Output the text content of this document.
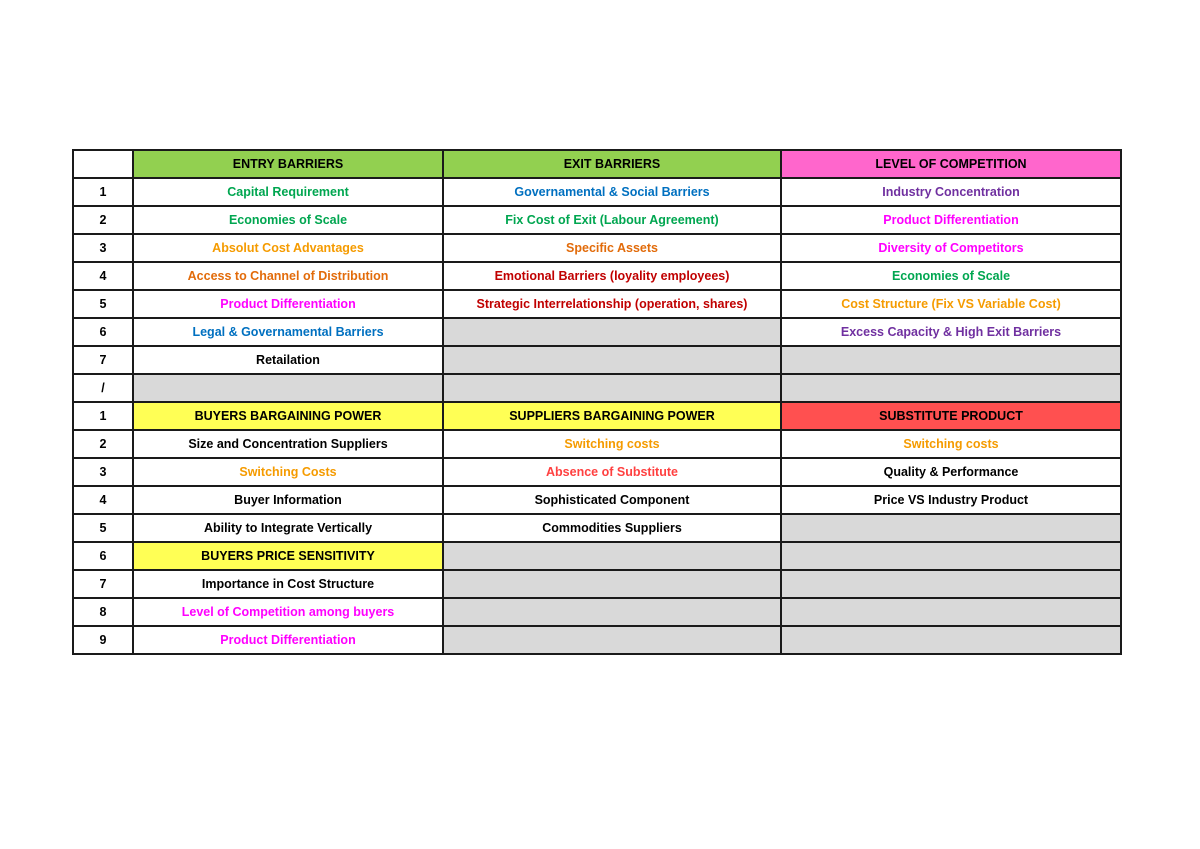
	ENTRY BARRIERS	EXIT BARRIERS	LEVEL OF COMPETITION
1	Capital Requirement	Governamental & Social Barriers	Industry Concentration
2	Economies of Scale	Fix Cost of Exit (Labour Agreement)	Product Differentiation
3	Absolut Cost Advantages	Specific Assets	Diversity of Competitors
4	Access to Channel of Distribution	Emotional Barriers (loyality employees)	Economies of Scale
5	Product Differentiation	Strategic Interrelationship (operation, shares)	Cost Structure (Fix VS Variable Cost)
6	Legal & Governamental Barriers		Excess Capacity & High Exit Barriers
7	Retailation		
/			
1	BUYERS BARGAINING POWER	SUPPLIERS BARGAINING POWER	SUBSTITUTE PRODUCT
2	Size and Concentration Suppliers	Switching costs	Switching costs
3	Switching Costs	Absence of Substitute	Quality & Performance
4	Buyer Information	Sophisticated Component	Price VS Industry Product
5	Ability to Integrate Vertically	Commodities Suppliers	
6	BUYERS PRICE SENSITIVITY		
7	Importance in Cost Structure		
8	Level of Competition among buyers		
9	Product Differentiation		
